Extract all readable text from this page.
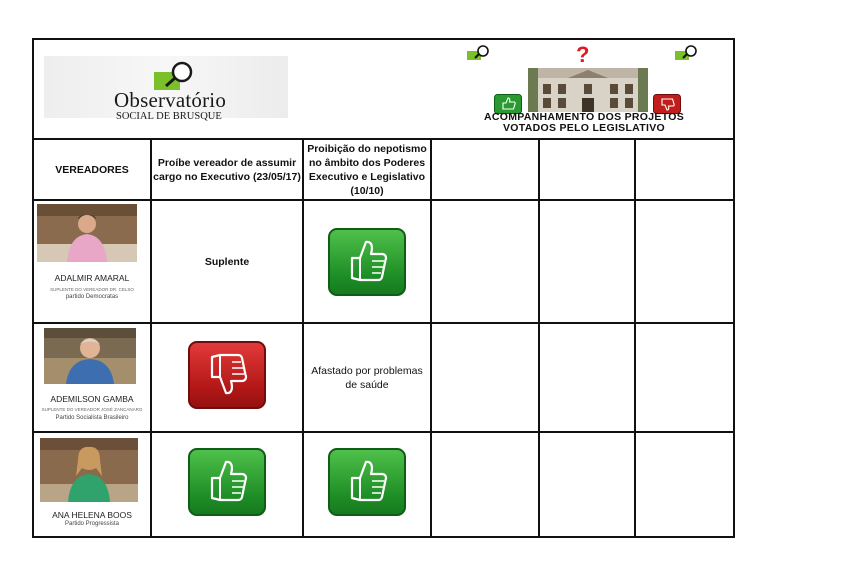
Observatório
SOCIAL DE BRUSQUE
?
ACOMPANHAMENTO DOS PROJETOS
VOTADOS PELO LEGISLATIVO
VEREADORES
Proíbe vereador de assumir cargo no Executivo (23/05/17)
Proibição do nepotismo no âmbito dos Poderes Executivo e Legislativo (10/10)
ADALMIR AMARAL
SUPLENTE DO VEREADOR DR. CELSO
partido Democratas
Suplente
ADEMILSON GAMBA
SUPLENTE DO VEREADOR JOSÉ ZANCANARO
Partido Socialista Brasileiro
Afastado por problemas de saúde
ANA HELENA BOOS
Partido Progressista
